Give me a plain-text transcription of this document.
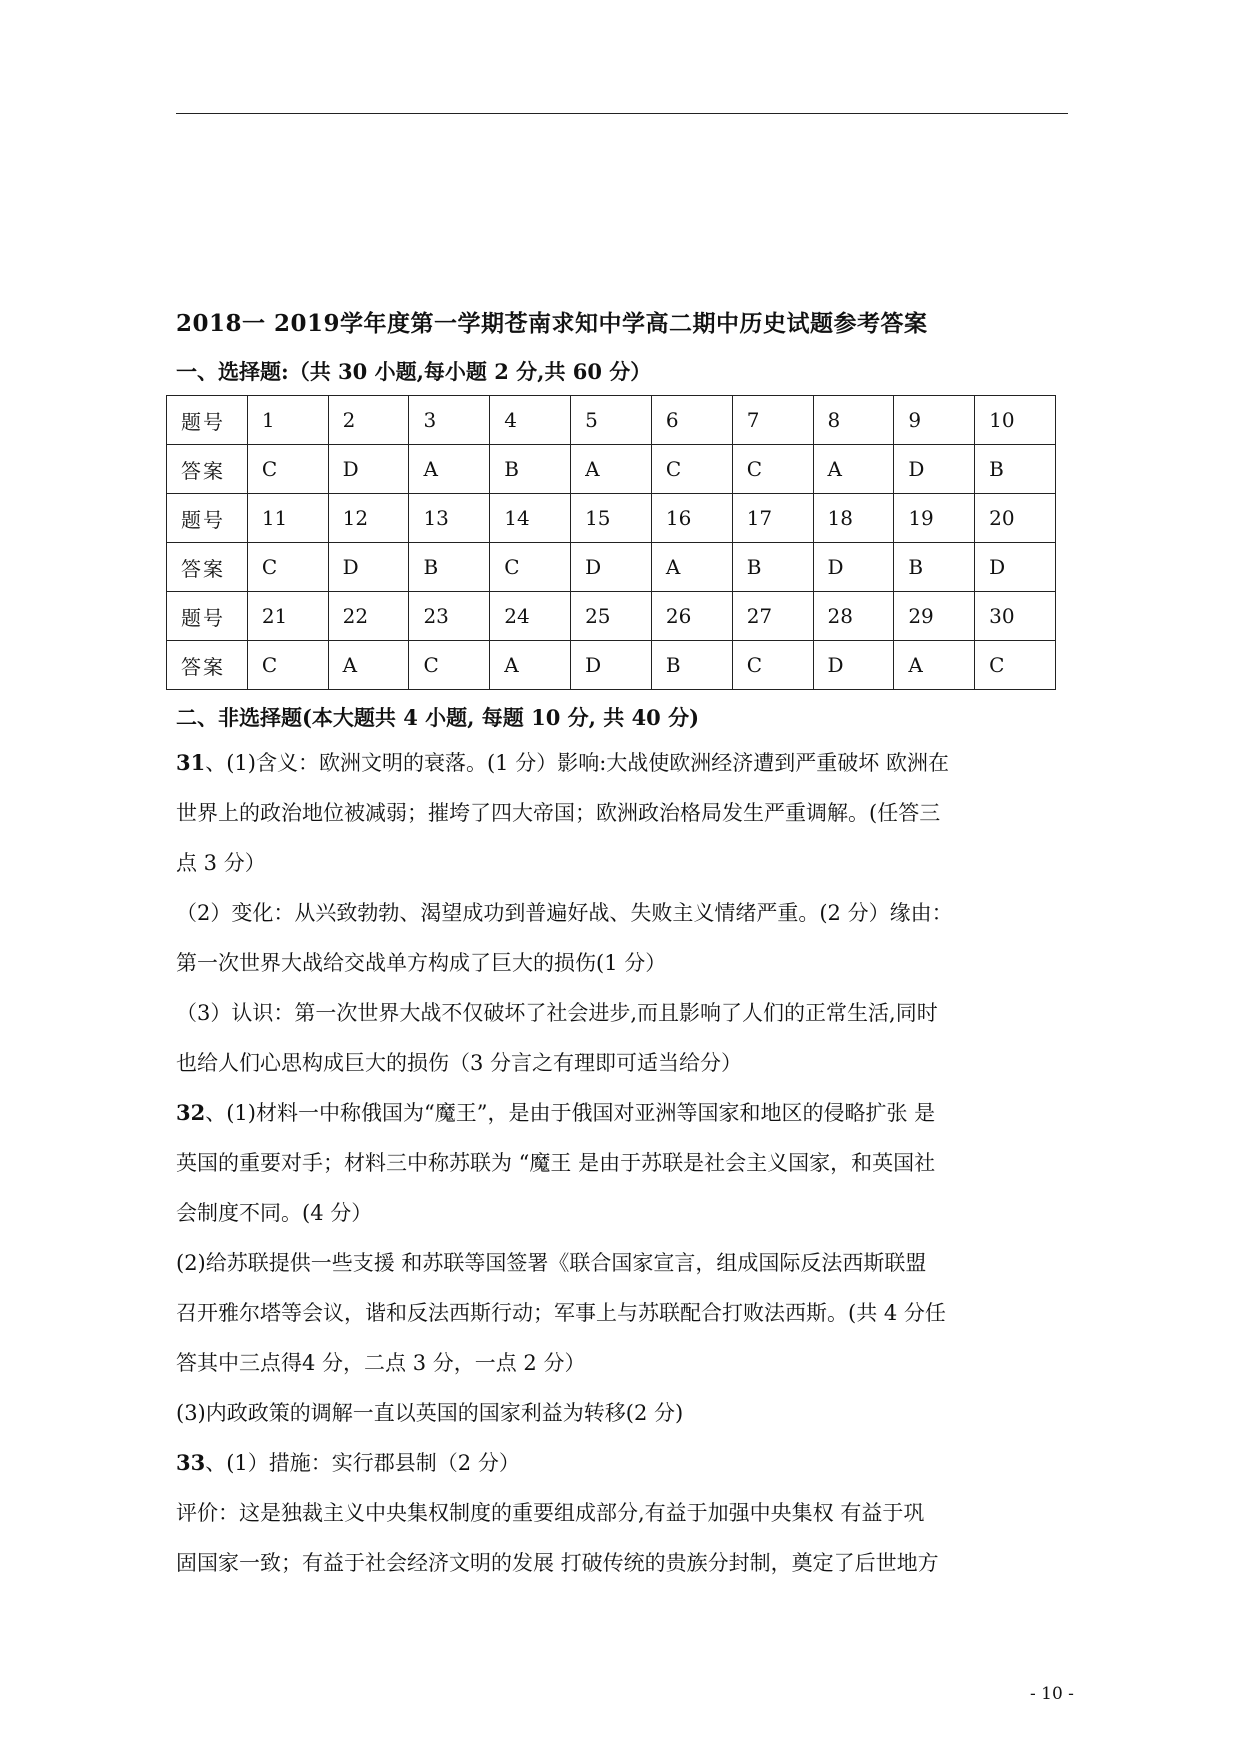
2018一 2019学年度第一学期苍南求知中学高二期中历史试题参考答案
一、选择题:（共 30 小题,每小题 2 分,共 60 分）
题号	1	2	3	4	5	6	7	8	9	10
答案	C	D	A	B	A	C	C	A	D	B
题号	11	12	13	14	15	16	17	18	19	20
答案	C	D	B	C	D	A	B	D	B	D
题号	21	22	23	24	25	26	27	28	29	30
答案	C	A	C	A	D	B	C	D	A	C
二、非选择题(本大题共 4 小题, 每题 10 分, 共 40 分)

31、(1)含义：欧洲文明的衰落。(1 分）影响:大战使欧洲经济遭到严重破坏 欧洲在

世界上的政治地位被减弱；摧垮了四大帝国；欧洲政治格局发生严重调解。(任答三

点 3 分）

（2）变化：从兴致勃勃、渴望成功到普遍好战、失败主义情绪严重。(2 分）缘由：

第一次世界大战给交战单方构成了巨大的损伤(1 分）

（3）认识：第一次世界大战不仅破坏了社会进步,而且影响了人们的正常生活,同时

也给人们心思构成巨大的损伤（3 分言之有理即可适当给分）

32、(1)材料一中称俄国为“魔王”，是由于俄国对亚洲等国家和地区的侵略扩张 是

英国的重要对手；材料三中称苏联为 “魔王 是由于苏联是社会主义国家，和英国社

会制度不同。(4 分）

(2)给苏联提供一些支援 和苏联等国签署《联合国家宣言，组成国际反法西斯联盟

召开雅尔塔等会议，谐和反法西斯行动；军事上与苏联配合打败法西斯。(共 4 分任

答其中三点得4 分，二点 3 分，一点 2 分）

(3)内政政策的调解一直以英国的国家利益为转移(2 分)

33、(1）措施：实行郡县制（2 分）

评价：这是独裁主义中央集权制度的重要组成部分,有益于加强中央集权 有益于巩

固国家一致；有益于社会经济文明的发展 打破传统的贵族分封制，奠定了后世地方

- 10 -
